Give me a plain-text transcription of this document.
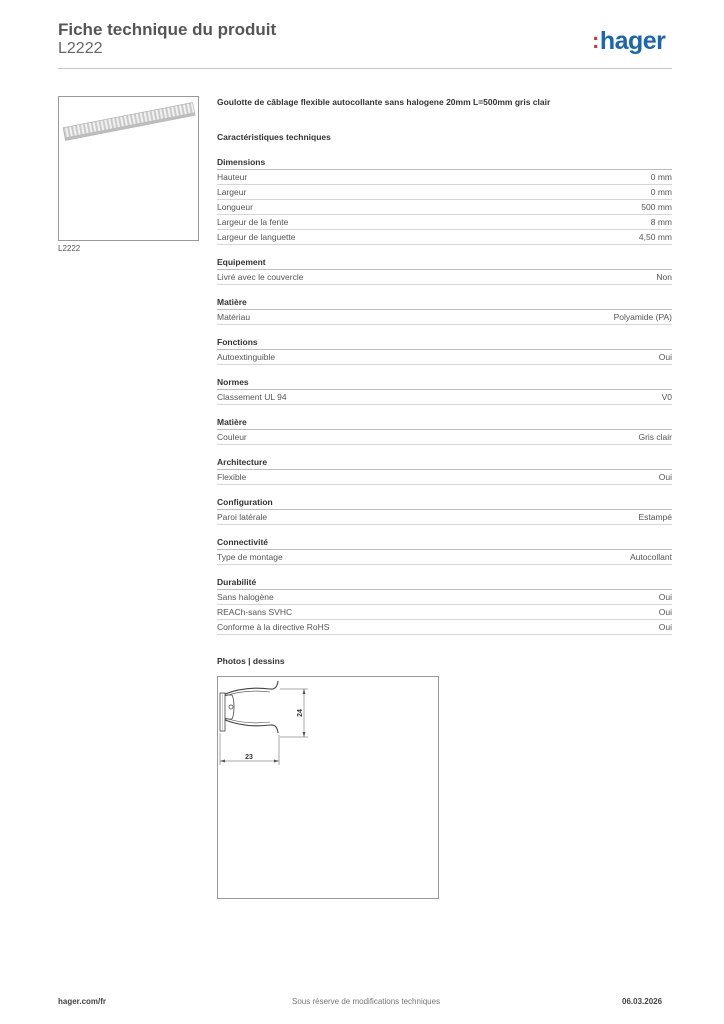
Fiche technique du produit
L2222	:hager
L2222

Goulotte de câblage flexible autocollante sans halogene 20mm L=500mm gris clair

Caractéristiques techniques
Dimensions
Hauteur	0 mm
Largeur	0 mm
Longueur	500 mm
Largeur de la fente	8 mm
Largeur de languette	4,50 mm
Equipement
Livré avec le couvercle	Non
Matière
Matériau	Polyamide (PA)
Fonctions
Autoextinguible	Oui
Normes
Classement UL 94	V0
Matière
Couleur	Gris clair
Architecture
Flexible	Oui
Configuration
Paroi latérale	Estampé
Connectivité
Type de montage	Autocollant
Durabilité
Sans halogène	Oui
REACh-sans SVHC	Oui
Conforme à la directive RoHS	Oui
Photos | dessins
24
23
hager.com/fr	Sous réserve de modifications techniques	06.03.2026
